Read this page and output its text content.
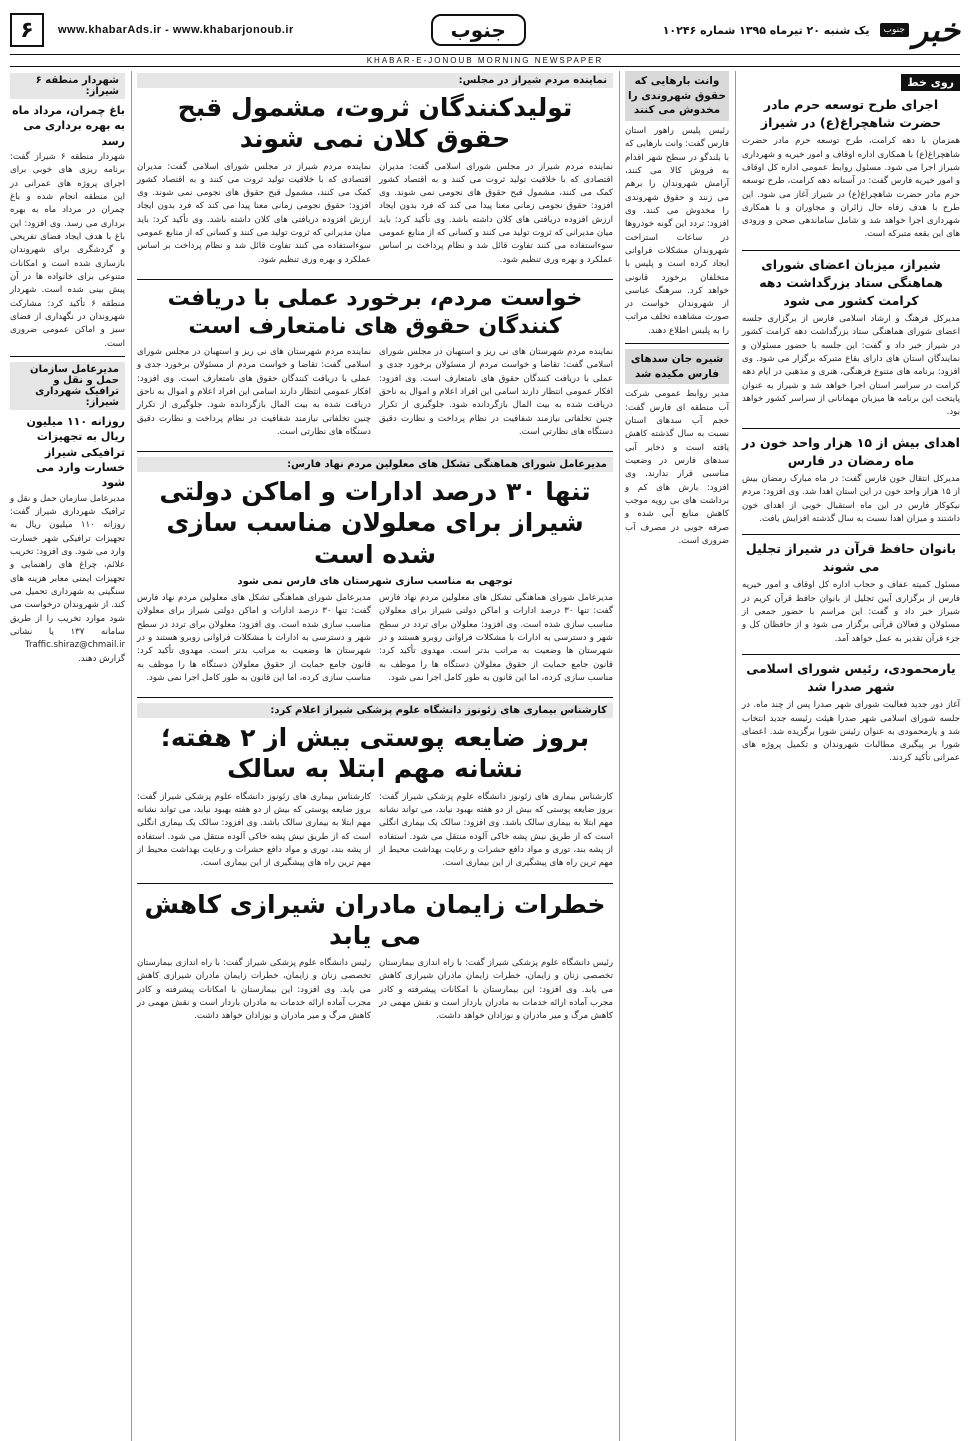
۶	www.khabarAds.ir - www.khabarjonoub.ir	جنوب	یک شنبه ۲۰ تیرماه ۱۳۹۵ شماره ۱۰۲۴۶	جنوب خبر
KHABAR-E-JONOUB MORNING NEWSPAPER
روی خط
اجرای طرح توسعه حرم مادر حضرت شاهچراغ(ع) در شیراز

همزمان با دهه کرامت، طرح توسعه حرم مادر حضرت شاهچراغ(ع) با همکاری اداره اوقاف و امور خیریه و شهرداری شیراز اجرا می شود. مسئول روابط عمومی اداره کل اوقاف و امور خیریه فارس گفت: در آستانه دهه کرامت، طرح توسعه حرم مادر حضرت شاهچراغ(ع) در شیراز آغاز می شود. این طرح با هدف رفاه حال زائران و مجاوران و با همکاری شهرداری اجرا خواهد شد و شامل ساماندهی صحن و ورودی های این بقعه متبرکه است.

شیراز، میزبان اعضای شورای هماهنگی ستاد بزرگداشت دهه کرامت کشور می شود

مدیرکل فرهنگ و ارشاد اسلامی فارس از برگزاری جلسه اعضای شورای هماهنگی ستاد بزرگداشت دهه کرامت کشور در شیراز خبر داد و گفت: این جلسه با حضور مسئولان و نمایندگان استان های دارای بقاع متبرکه برگزار می شود. وی افزود: برنامه های متنوع فرهنگی، هنری و مذهبی در ایام دهه کرامت در سراسر استان اجرا خواهد شد و شیراز به عنوان پایتخت این برنامه ها میزبان مهمانانی از سراسر کشور خواهد بود.

اهدای بیش از ۱۵ هزار واحد خون در ماه رمضان در فارس

مدیرکل انتقال خون فارس گفت: در ماه مبارک رمضان بیش از ۱۵ هزار واحد خون در این استان اهدا شد. وی افزود: مردم نیکوکار فارس در این ماه استقبال خوبی از اهدای خون داشتند و میزان اهدا نسبت به سال گذشته افزایش یافت.

بانوان حافظ قرآن در شیراز تجلیل می شوند

مسئول کمیته عفاف و حجاب اداره کل اوقاف و امور خیریه فارس از برگزاری آیین تجلیل از بانوان حافظ قرآن کریم در شیراز خبر داد و گفت: این مراسم با حضور جمعی از مسئولان و فعالان قرآنی برگزار می شود و از حافظان کل و جزء قرآن تقدیر به عمل خواهد آمد.

یارمحمودی، رئیس شورای اسلامی شهر صدرا شد

آغاز دور جدید فعالیت شورای شهر صدرا پس از چند ماه. در جلسه شورای اسلامی شهر صدرا هیئت رئیسه جدید انتخاب شد و یارمحمودی به عنوان رئیس شورا برگزیده شد. اعضای شورا بر پیگیری مطالبات شهروندان و تکمیل پروژه های عمرانی تأکید کردند.

وانت بارهایی که حقوق شهروندی را مخدوش می کنند

رئیس پلیس راهور استان فارس گفت: وانت بارهایی که با بلندگو در سطح شهر اقدام به فروش کالا می کنند، آرامش شهروندان را برهم می زنند و حقوق شهروندی را مخدوش می کنند. وی افزود: تردد این گونه خودروها در ساعات استراحت شهروندان مشکلات فراوانی ایجاد کرده است و پلیس با متخلفان برخورد قانونی خواهد کرد. سرهنگ عباسی از شهروندان خواست در صورت مشاهده تخلف مراتب را به پلیس اطلاع دهند.

شیره جان سدهای فارس مکیده شد

مدیر روابط عمومی شرکت آب منطقه ای فارس گفت: حجم آب سدهای استان نسبت به سال گذشته کاهش یافته است و ذخایر آبی سدهای فارس در وضعیت مناسبی قرار ندارند. وی افزود: بارش های کم و برداشت های بی رویه موجب کاهش منابع آبی شده و صرفه جویی در مصرف آب ضروری است.

نماینده مردم شیراز در مجلس:
تولیدکنندگان ثروت، مشمول قبح حقوق کلان نمی شوند

نماینده مردم شیراز در مجلس شورای اسلامی گفت: مدیران اقتصادی که با خلاقیت تولید ثروت می کنند و به اقتصاد کشور کمک می کنند، مشمول قبح حقوق های نجومی نمی شوند. وی افزود: حقوق نجومی زمانی معنا پیدا می کند که فرد بدون ایجاد ارزش افزوده دریافتی های کلان داشته باشد. وی تأکید کرد: باید میان مدیرانی که ثروت تولید می کنند و کسانی که از منابع عمومی سوءاستفاده می کنند تفاوت قائل شد و نظام پرداخت بر اساس عملکرد و بهره وری تنظیم شود.

نماینده مردم شیراز در مجلس شورای اسلامی گفت: مدیران اقتصادی که با خلاقیت تولید ثروت می کنند و به اقتصاد کشور کمک می کنند، مشمول قبح حقوق های نجومی نمی شوند. وی افزود: حقوق نجومی زمانی معنا پیدا می کند که فرد بدون ایجاد ارزش افزوده دریافتی های کلان داشته باشد. وی تأکید کرد: باید میان مدیرانی که ثروت تولید می کنند و کسانی که از منابع عمومی سوءاستفاده می کنند تفاوت قائل شد و نظام پرداخت بر اساس عملکرد و بهره وری تنظیم شود.

خواست مردم، برخورد عملی با دریافت کنندگان حقوق های نامتعارف است

نماینده مردم شهرستان های نی ریز و استهبان در مجلس شورای اسلامی گفت: تقاضا و خواست مردم از مسئولان برخورد جدی و عملی با دریافت کنندگان حقوق های نامتعارف است. وی افزود: افکار عمومی انتظار دارند اسامی این افراد اعلام و اموال به ناحق دریافت شده به بیت المال بازگردانده شود. جلوگیری از تکرار چنین تخلفاتی نیازمند شفافیت در نظام پرداخت و نظارت دقیق دستگاه های نظارتی است.

نماینده مردم شهرستان های نی ریز و استهبان در مجلس شورای اسلامی گفت: تقاضا و خواست مردم از مسئولان برخورد جدی و عملی با دریافت کنندگان حقوق های نامتعارف است. وی افزود: افکار عمومی انتظار دارند اسامی این افراد اعلام و اموال به ناحق دریافت شده به بیت المال بازگردانده شود. جلوگیری از تکرار چنین تخلفاتی نیازمند شفافیت در نظام پرداخت و نظارت دقیق دستگاه های نظارتی است.

مدیرعامل شورای هماهنگی تشکل های معلولین مردم نهاد فارس:
تنها ۳۰ درصد ادارات و اماکن دولتی شیراز برای معلولان مناسب سازی شده است
توجهی به مناسب سازی شهرستان های فارس نمی شود

مدیرعامل شورای هماهنگی تشکل های معلولین مردم نهاد فارس گفت: تنها ۳۰ درصد ادارات و اماکن دولتی شیراز برای معلولان مناسب سازی شده است. وی افزود: معلولان برای تردد در سطح شهر و دسترسی به ادارات با مشکلات فراوانی روبرو هستند و در شهرستان ها وضعیت به مراتب بدتر است. مهدوی تأکید کرد: قانون جامع حمایت از حقوق معلولان دستگاه ها را موظف به مناسب سازی کرده، اما این قانون به طور کامل اجرا نمی شود.

مدیرعامل شورای هماهنگی تشکل های معلولین مردم نهاد فارس گفت: تنها ۳۰ درصد ادارات و اماکن دولتی شیراز برای معلولان مناسب سازی شده است. وی افزود: معلولان برای تردد در سطح شهر و دسترسی به ادارات با مشکلات فراوانی روبرو هستند و در شهرستان ها وضعیت به مراتب بدتر است. مهدوی تأکید کرد: قانون جامع حمایت از حقوق معلولان دستگاه ها را موظف به مناسب سازی کرده، اما این قانون به طور کامل اجرا نمی شود.

کارشناس بیماری های زئونوز دانشگاه علوم پزشکی شیراز اعلام کرد:
بروز ضایعه پوستی بیش از ۲ هفته؛ نشانه مهم ابتلا به سالک

کارشناس بیماری های زئونوز دانشگاه علوم پزشکی شیراز گفت: بروز ضایعه پوستی که بیش از دو هفته بهبود نیابد، می تواند نشانه مهم ابتلا به بیماری سالک باشد. وی افزود: سالک یک بیماری انگلی است که از طریق نیش پشه خاکی آلوده منتقل می شود. استفاده از پشه بند، توری و مواد دافع حشرات و رعایت بهداشت محیط از مهم ترین راه های پیشگیری از این بیماری است.

کارشناس بیماری های زئونوز دانشگاه علوم پزشکی شیراز گفت: بروز ضایعه پوستی که بیش از دو هفته بهبود نیابد، می تواند نشانه مهم ابتلا به بیماری سالک باشد. وی افزود: سالک یک بیماری انگلی است که از طریق نیش پشه خاکی آلوده منتقل می شود. استفاده از پشه بند، توری و مواد دافع حشرات و رعایت بهداشت محیط از مهم ترین راه های پیشگیری از این بیماری است.

خطرات زایمان مادران شیرازی کاهش می یابد

رئیس دانشگاه علوم پزشکی شیراز گفت: با راه اندازی بیمارستان تخصصی زنان و زایمان، خطرات زایمان مادران شیرازی کاهش می یابد. وی افزود: این بیمارستان با امکانات پیشرفته و کادر مجرب آماده ارائه خدمات به مادران باردار است و نقش مهمی در کاهش مرگ و میر مادران و نوزادان خواهد داشت.

رئیس دانشگاه علوم پزشکی شیراز گفت: با راه اندازی بیمارستان تخصصی زنان و زایمان، خطرات زایمان مادران شیرازی کاهش می یابد. وی افزود: این بیمارستان با امکانات پیشرفته و کادر مجرب آماده ارائه خدمات به مادران باردار است و نقش مهمی در کاهش مرگ و میر مادران و نوزادان خواهد داشت.

شهردار منطقه ۶ شیراز:
باغ چمران، مرداد ماه به بهره برداری می رسد

شهردار منطقه ۶ شیراز گفت: برنامه ریزی های خوبی برای اجرای پروژه های عمرانی در این منطقه انجام شده و باغ چمران در مرداد ماه به بهره برداری می رسد. وی افزود: این باغ با هدف ایجاد فضای تفریحی و گردشگری برای شهروندان بازسازی شده است و امکانات متنوعی برای خانواده ها در آن پیش بینی شده است. شهردار منطقه ۶ تأکید کرد: مشارکت شهروندان در نگهداری از فضای سبز و اماکن عمومی ضروری است.

مدیرعامل سازمان حمل و نقل و ترافیک شهرداری شیراز:
روزانه ۱۱۰ میلیون ریال به تجهیزات ترافیکی شیراز خسارت وارد می شود

مدیرعامل سازمان حمل و نقل و ترافیک شهرداری شیراز گفت: روزانه ۱۱۰ میلیون ریال به تجهیزات ترافیکی شهر خسارت وارد می شود. وی افزود: تخریب علائم، چراغ های راهنمایی و تجهیزات ایمنی معابر هزینه های سنگینی به شهرداری تحمیل می کند. از شهروندان درخواست می شود موارد تخریب را از طریق سامانه ۱۳۷ یا نشانی Traffic.shiraz@chmail.ir گزارش دهند.
